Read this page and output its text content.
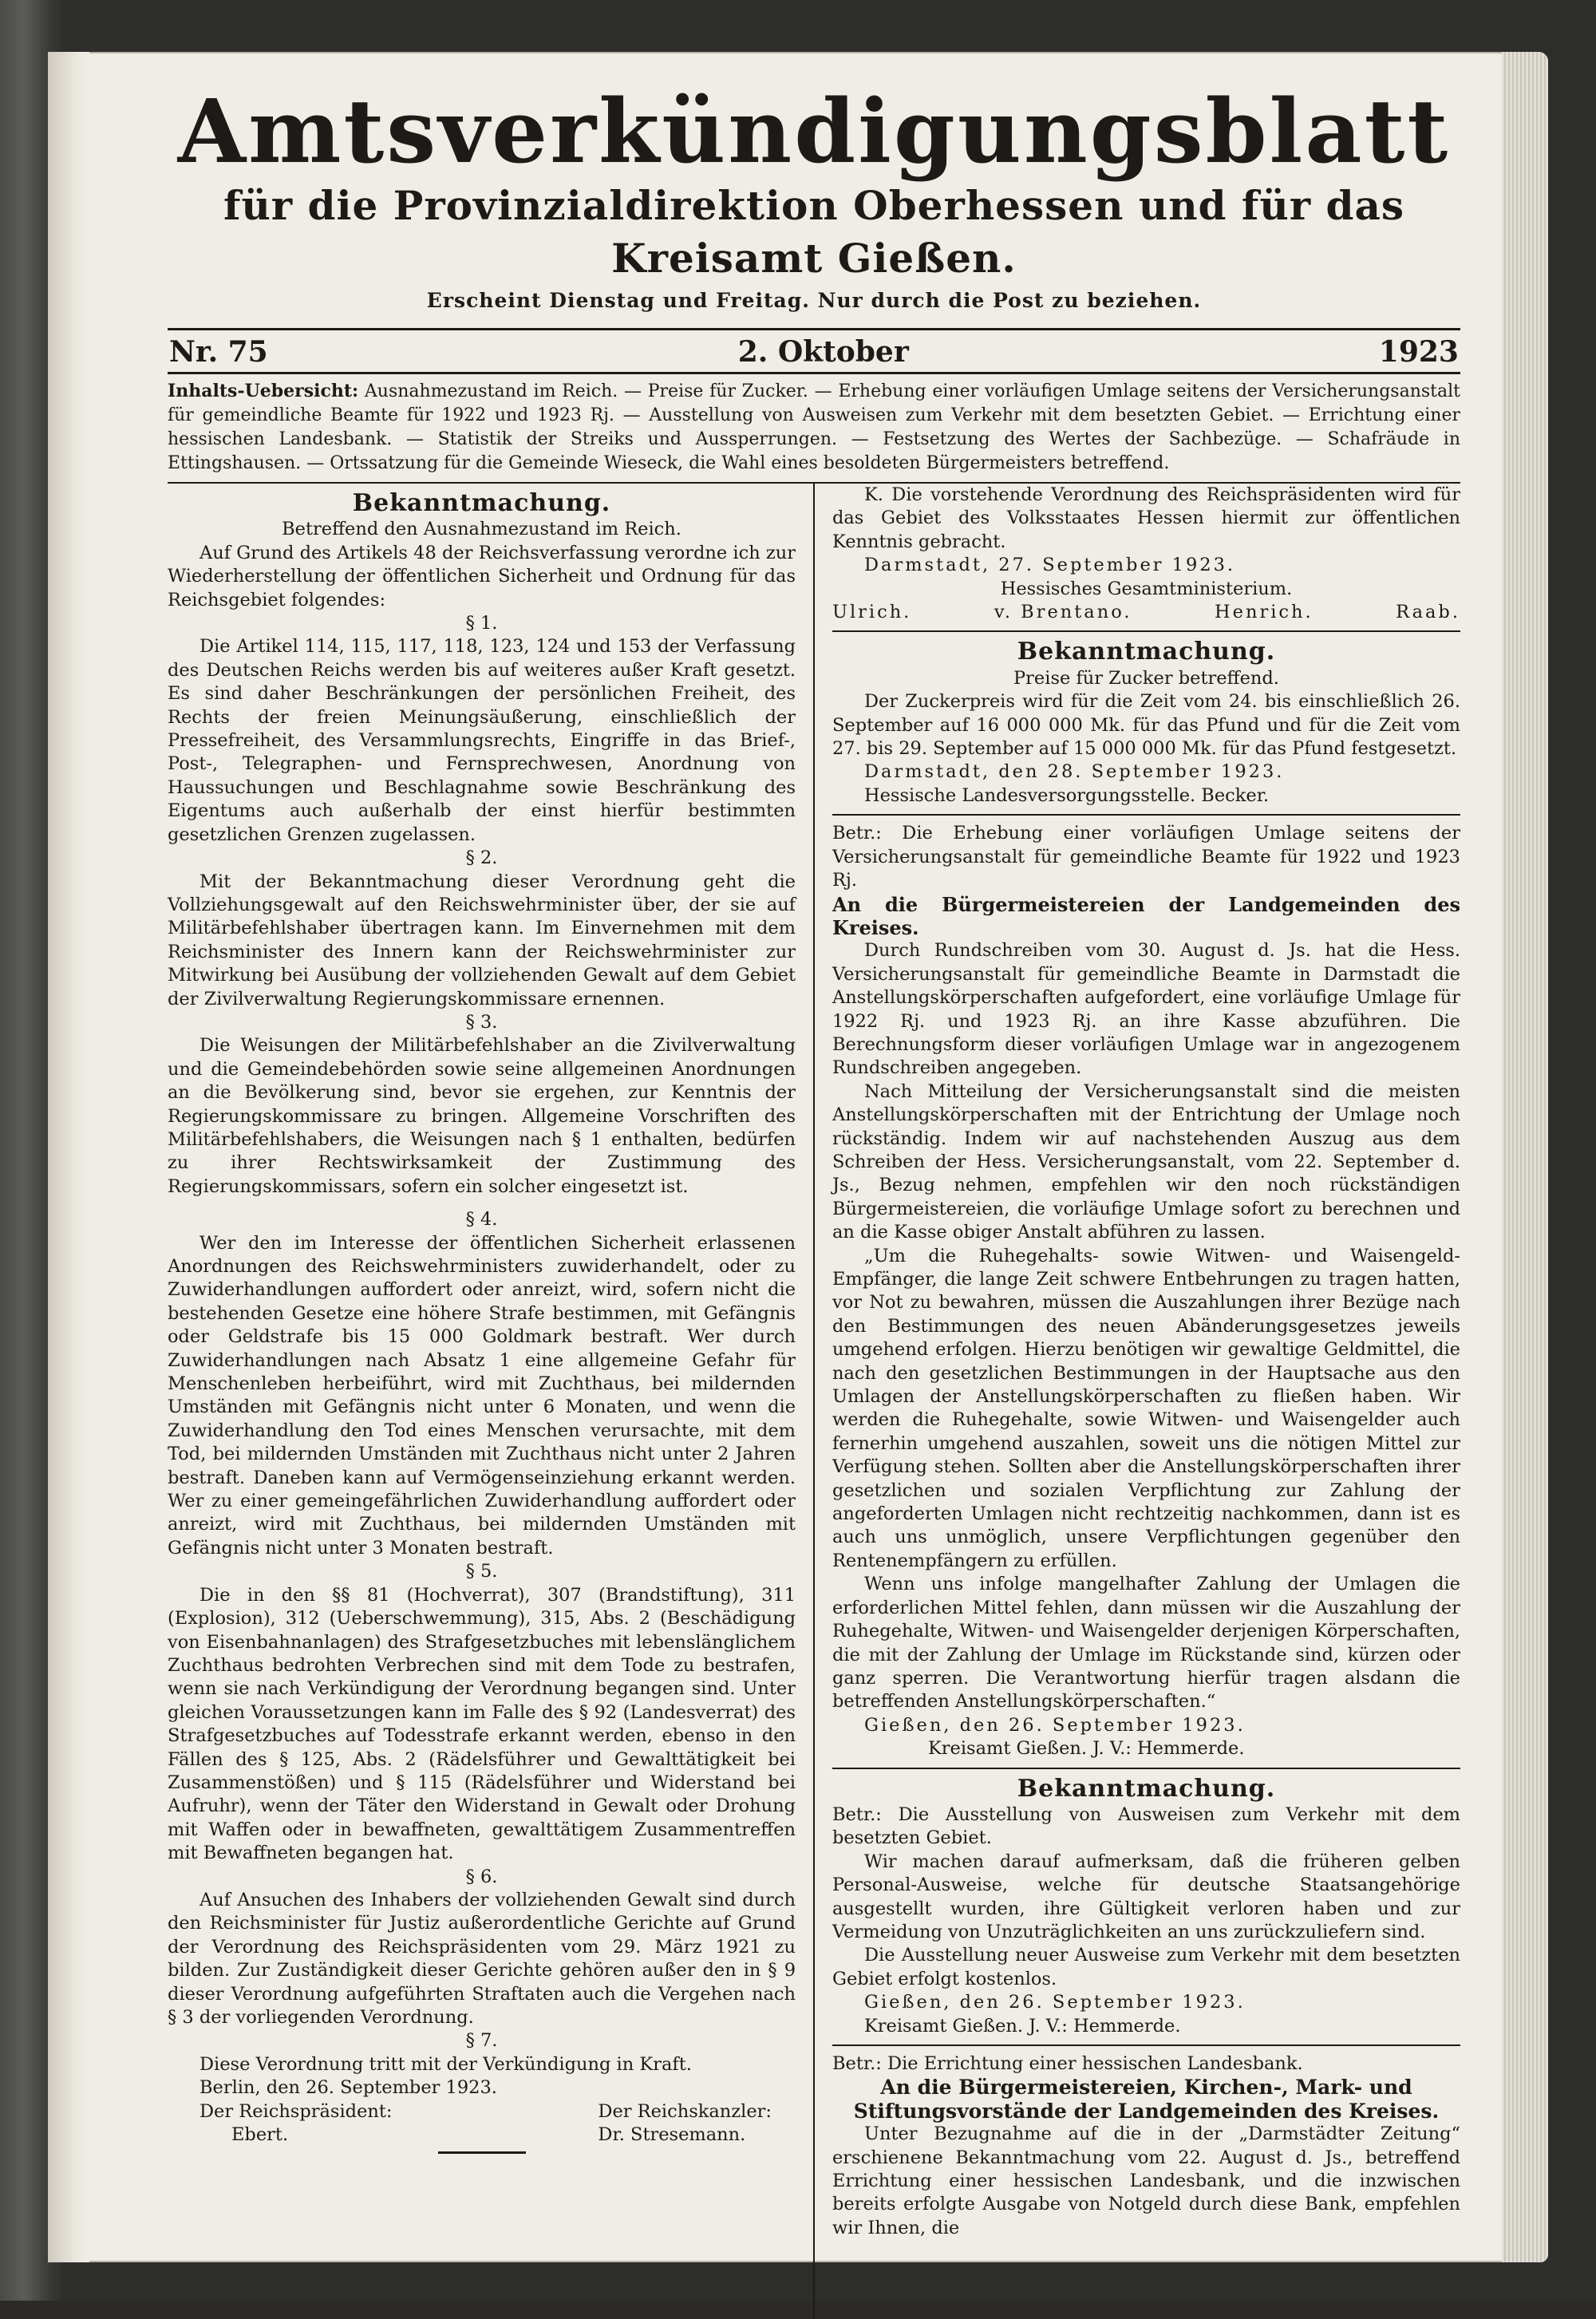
Amtsverkündigungsblatt
für die Provinzialdirektion Oberhessen und für das Kreisamt Gießen.
Erscheint Dienstag und Freitag. Nur durch die Post zu beziehen.
Nr. 75	2. Oktober	1923
Inhalts-Uebersicht: Ausnahmezustand im Reich. — Preise für Zucker. — Erhebung einer vorläufigen Umlage seitens der Versicherungsanstalt für gemeindliche Beamte für 1922 und 1923 Rj. — Ausstellung von Ausweisen zum Verkehr mit dem besetzten Gebiet. — Errichtung einer hessischen Landesbank. — Statistik der Streiks und Aussperrungen. — Festsetzung des Wertes der Sachbezüge. — Schafräude in Ettingshausen. — Ortssatzung für die Gemeinde Wieseck, die Wahl eines besoldeten Bürgermeisters betreffend.
Bekanntmachung.
Betreffend den Ausnahmezustand im Reich.

Auf Grund des Artikels 48 der Reichsverfassung verordne ich zur Wiederherstellung der öffentlichen Sicherheit und Ordnung für das Reichsgebiet folgendes:

§ 1.

Die Artikel 114, 115, 117, 118, 123, 124 und 153 der Verfassung des Deutschen Reichs werden bis auf weiteres außer Kraft gesetzt. Es sind daher Beschränkungen der persönlichen Freiheit, des Rechts der freien Meinungsäußerung, einschließlich der Pressefreiheit, des Versammlungsrechts, Eingriffe in das Brief-, Post-, Telegraphen- und Fernsprechwesen, Anordnung von Haussuchungen und Beschlagnahme sowie Beschränkung des Eigentums auch außerhalb der einst hierfür bestimmten gesetzlichen Grenzen zugelassen.

§ 2.

Mit der Bekanntmachung dieser Verordnung geht die Vollziehungsgewalt auf den Reichswehrminister über, der sie auf Militärbefehlshaber übertragen kann. Im Einvernehmen mit dem Reichsminister des Innern kann der Reichswehrminister zur Mitwirkung bei Ausübung der vollziehenden Gewalt auf dem Gebiet der Zivilverwaltung Regierungskommissare ernennen.

§ 3.

Die Weisungen der Militärbefehlshaber an die Zivilverwaltung und die Gemeindebehörden sowie seine allgemeinen Anordnungen an die Bevölkerung sind, bevor sie ergehen, zur Kenntnis der Regierungskommissare zu bringen. Allgemeine Vorschriften des Militärbefehlshabers, die Weisungen nach § 1 enthalten, bedürfen zu ihrer Rechtswirksamkeit der Zustimmung des Regierungskommissars, sofern ein solcher eingesetzt ist.

§ 4.

Wer den im Interesse der öffentlichen Sicherheit erlassenen Anordnungen des Reichswehrministers zuwiderhandelt, oder zu Zuwiderhandlungen auffordert oder anreizt, wird, sofern nicht die bestehenden Gesetze eine höhere Strafe bestimmen, mit Gefängnis oder Geldstrafe bis 15 000 Goldmark bestraft. Wer durch Zuwiderhandlungen nach Absatz 1 eine allgemeine Gefahr für Menschenleben herbeiführt, wird mit Zuchthaus, bei mildernden Umständen mit Gefängnis nicht unter 6 Monaten, und wenn die Zuwiderhandlung den Tod eines Menschen verursachte, mit dem Tod, bei mildernden Umständen mit Zuchthaus nicht unter 2 Jahren bestraft. Daneben kann auf Vermögenseinziehung erkannt werden. Wer zu einer gemeingefährlichen Zuwiderhandlung auffordert oder anreizt, wird mit Zuchthaus, bei mildernden Umständen mit Gefängnis nicht unter 3 Monaten bestraft.

§ 5.

Die in den §§ 81 (Hochverrat), 307 (Brandstiftung), 311 (Explosion), 312 (Ueberschwemmung), 315, Abs. 2 (Beschädigung von Eisenbahnanlagen) des Strafgesetzbuches mit lebenslänglichem Zuchthaus bedrohten Verbrechen sind mit dem Tode zu bestrafen, wenn sie nach Verkündigung der Verordnung begangen sind. Unter gleichen Voraussetzungen kann im Falle des § 92 (Landesverrat) des Strafgesetzbuches auf Todesstrafe erkannt werden, ebenso in den Fällen des § 125, Abs. 2 (Rädelsführer und Gewalttätigkeit bei Zusammenstößen) und § 115 (Rädelsführer und Widerstand bei Aufruhr), wenn der Täter den Widerstand in Gewalt oder Drohung mit Waffen oder in bewaffneten, gewalttätigem Zusammentreffen mit Bewaffneten begangen hat.

§ 6.

Auf Ansuchen des Inhabers der vollziehenden Gewalt sind durch den Reichsminister für Justiz außerordentliche Gerichte auf Grund der Verordnung des Reichspräsidenten vom 29. März 1921 zu bilden. Zur Zuständigkeit dieser Gerichte gehören außer den in § 9 dieser Verordnung aufgeführten Straftaten auch die Vergehen nach § 3 der vorliegenden Verordnung.

§ 7.

Diese Verordnung tritt mit der Verkündigung in Kraft.

Berlin, den 26. September 1923.

Der Reichspräsident:
Ebert.
Der Reichskanzler:
Dr. Stresemann.

K. Die vorstehende Verordnung des Reichspräsidenten wird für das Gebiet des Volksstaates Hessen hiermit zur öffentlichen Kenntnis gebracht.

Darmstadt, 27. September 1923.

Hessisches Gesamtministerium.
Ulrich.	v. Brentano.	Henrich.	Raab.
Bekanntmachung.
Preise für Zucker betreffend.

Der Zuckerpreis wird für die Zeit vom 24. bis einschließlich 26. September auf 16 000 000 Mk. für das Pfund und für die Zeit vom 27. bis 29. September auf 15 000 000 Mk. für das Pfund festgesetzt.

Darmstadt, den 28. September 1923.

Hessische Landesversorgungsstelle. Becker.

Betr.: Die Erhebung einer vorläufigen Umlage seitens der Versicherungsanstalt für gemeindliche Beamte für 1922 und 1923 Rj.

An die Bürgermeistereien der Landgemeinden des Kreises.

Durch Rundschreiben vom 30. August d. Js. hat die Hess. Versicherungsanstalt für gemeindliche Beamte in Darmstadt die Anstellungskörperschaften aufgefordert, eine vorläufige Umlage für 1922 Rj. und 1923 Rj. an ihre Kasse abzuführen. Die Berechnungsform dieser vorläufigen Umlage war in angezogenem Rundschreiben angegeben.

Nach Mitteilung der Versicherungsanstalt sind die meisten Anstellungskörperschaften mit der Entrichtung der Umlage noch rückständig. Indem wir auf nachstehenden Auszug aus dem Schreiben der Hess. Versicherungsanstalt, vom 22. September d. Js., Bezug nehmen, empfehlen wir den noch rückständigen Bürgermeistereien, die vorläufige Umlage sofort zu berechnen und an die Kasse obiger Anstalt abführen zu lassen.

„Um die Ruhegehalts- sowie Witwen- und Waisengeld-Empfänger, die lange Zeit schwere Entbehrungen zu tragen hatten, vor Not zu bewahren, müssen die Auszahlungen ihrer Bezüge nach den Bestimmungen des neuen Abänderungsgesetzes jeweils umgehend erfolgen. Hierzu benötigen wir gewaltige Geldmittel, die nach den gesetzlichen Bestimmungen in der Hauptsache aus den Umlagen der Anstellungskörperschaften zu fließen haben. Wir werden die Ruhegehalte, sowie Witwen- und Waisengelder auch fernerhin umgehend auszahlen, soweit uns die nötigen Mittel zur Verfügung stehen. Sollten aber die Anstellungskörperschaften ihrer gesetzlichen und sozialen Verpflichtung zur Zahlung der angeforderten Umlagen nicht rechtzeitig nachkommen, dann ist es auch uns unmöglich, unsere Verpflichtungen gegenüber den Rentenempfängern zu erfüllen.

Wenn uns infolge mangelhafter Zahlung der Umlagen die erforderlichen Mittel fehlen, dann müssen wir die Auszahlung der Ruhegehalte, Witwen- und Waisengelder derjenigen Körperschaften, die mit der Zahlung der Umlage im Rückstande sind, kürzen oder ganz sperren. Die Verantwortung hierfür tragen alsdann die betreffenden Anstellungskörperschaften.“

Gießen, den 26. September 1923.

Kreisamt Gießen. J. V.: Hemmerde.

Bekanntmachung.

Betr.: Die Ausstellung von Ausweisen zum Verkehr mit dem besetzten Gebiet.

Wir machen darauf aufmerksam, daß die früheren gelben Personal-Ausweise, welche für deutsche Staatsangehörige ausgestellt wurden, ihre Gültigkeit verloren haben und zur Vermeidung von Unzuträglichkeiten an uns zurückzuliefern sind.

Die Ausstellung neuer Ausweise zum Verkehr mit dem besetzten Gebiet erfolgt kostenlos.

Gießen, den 26. September 1923.

Kreisamt Gießen. J. V.: Hemmerde.

Betr.: Die Errichtung einer hessischen Landesbank.

An die Bürgermeistereien, Kirchen-, Mark- und Stiftungsvorstände der Landgemeinden des Kreises.

Unter Bezugnahme auf die in der „Darmstädter Zeitung“ erschienene Bekanntmachung vom 22. August d. Js., betreffend Errichtung einer hessischen Landesbank, und die inzwischen bereits erfolgte Ausgabe von Notgeld durch diese Bank, empfehlen wir Ihnen, die
